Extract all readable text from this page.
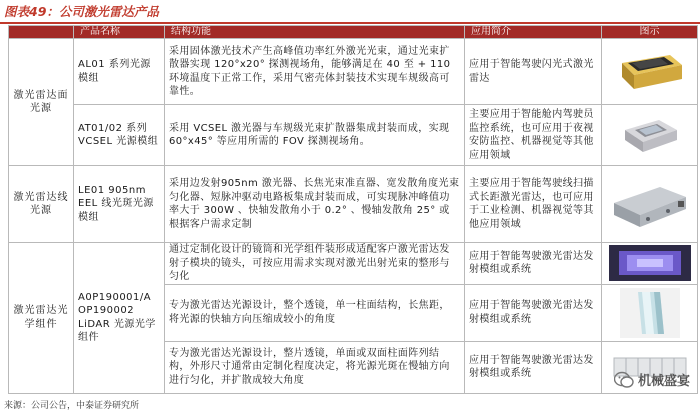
图表49：公司激光雷达产品
	产品名称	结构功能	应用简介	图示
激光雷达面光源	AL01 系列光源模组	采用固体激光技术产生高峰值功率红外激光光束，通过光束扩散器实现 120°x20° 探测视场角，能够满足在 40 至 + 110 环境温度下正常工作，采用气密壳体封装技术实现车规级高可靠性。	应用于智能驾驶闪光式激光雷达	

	AT01/02 系列 VCSEL 光源模组	采用 VCSEL 激光器与车规级光束扩散器集成封装而成，实现60°x45° 等应用所需的 FOV 探测视场角。	主要应用于智能舱内驾驶员监控系统，也可应用于夜视安防监控、机器视觉等其他应用领域	

激光雷达线光源	LE01 905nm EEL 线光斑光源模组	采用边发射905nm 激光器、长焦光束准直器、宽发散角度光束匀化器、短脉冲驱动电路板集成封装而成，可实现脉冲峰值功率大于 300W 、快轴发散角小于 0.2° 、慢轴发散角 25° 或根据客户需求定制	主要应用于智能驾驶线扫描式长距激光雷达，也可应用于工业检测、机器视觉等其他应用领域	

激光雷达光学组件	A0P190001/A OP190002 LiDAR 光源光学组件	通过定制化设计的镜筒和光学组件装形成适配客户激光雷达发射子模块的镜头，可按应用需求实现对激光出射光束的整形与匀化	应用于智能驾驶激光雷达发射模组或系统	

		专为激光雷达光源设计，整个透镜，单一柱面结构，长焦距，将光源的快轴方向压缩成较小的角度	应用于智能驾驶激光雷达发射模组或系统	

		专为激光雷达光源设计，整片透镜，单面或双面柱面阵列结构，外形尺寸通常由定制化程度决定，将光源光斑在慢轴方向进行匀化，并扩散成较大角度	应用于智能驾驶激光雷达发射模组或系统	
机械盛宴
来源：公司公告，中泰证券研究所
